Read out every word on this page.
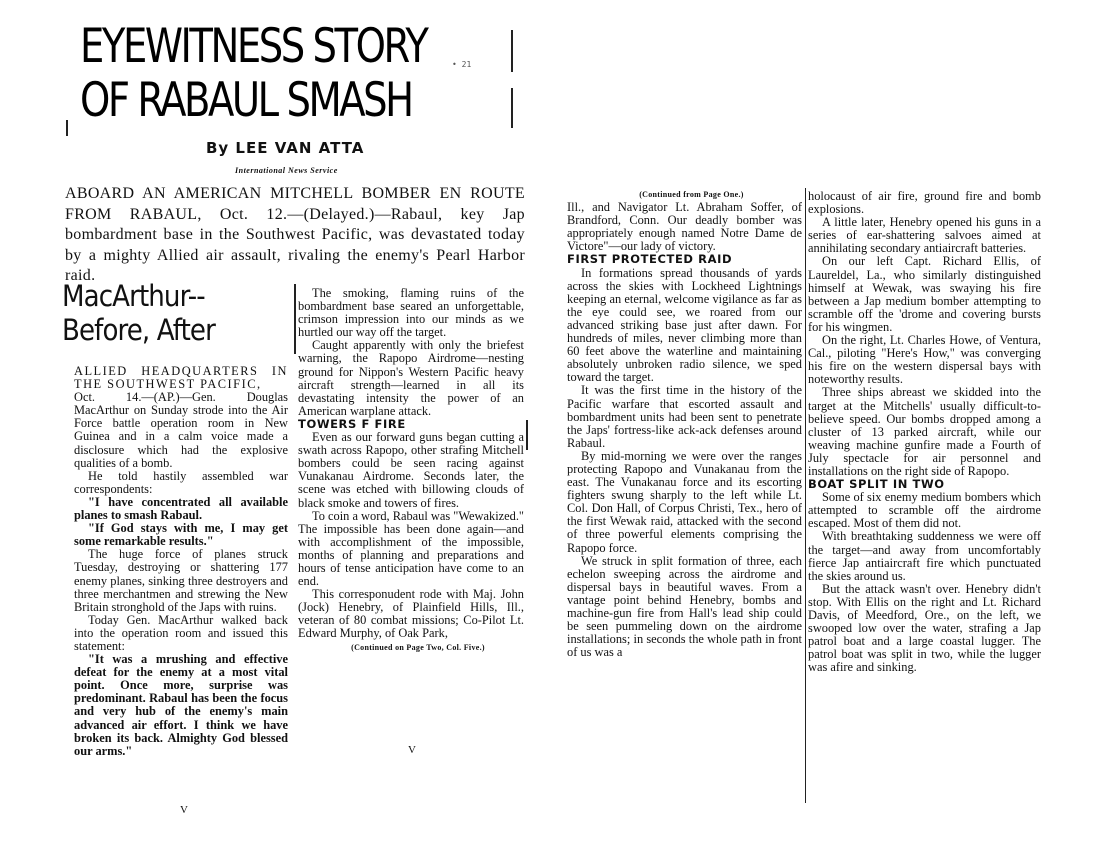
EYEWITNESS STORY
OF RABAUL SMASH
• 21
By LEE VAN ATTA
International News Service

ABOARD AN AMERICAN MITCHELL BOMBER EN ROUTE FROM RABAUL, Oct. 12.—(Delayed.)—Rabaul, key Jap bombardment base in the Southwest Pacific, was devastated today by a mighty Allied air assault, rivaling the enemy's Pearl Harbor raid.

MacArthur--
Before, After

ALLIED HEADQUARTERS IN THE SOUTHWEST PACIFIC,

Oct. 14.—(AP.)—Gen. Douglas MacArthur on Sunday strode into the Air Force battle operation room in New Guinea and in a calm voice made a disclosure which had the explosive qualities of a bomb.

He told hastily assembled war correspondents:

"I have concentrated all available planes to smash Rabaul.

"If God stays with me, I may get some remarkable results."

The huge force of planes struck Tuesday, destroying or shattering 177 enemy planes, sinking three destroyers and three merchantmen and strewing the New Britain stronghold of the Japs with ruins.

Today Gen. MacArthur walked back into the operation room and issued this statement:

"It was a mrushing and effective defeat for the enemy at a most vital point. Once more, surprise was predominant. Rabaul has been the focus and very hub of the enemy's main advanced air effort. I think we have broken its back. Almighty God blessed our arms."

V

The smoking, flaming ruins of the bombardment base seared an unforgettable, crimson impression into our minds as we hurtled our way off the target.

Caught apparently with only the briefest warning, the Rapopo Airdrome—nesting ground for Nippon's Western Pacific heavy aircraft strength—learned in all its devastating intensity the power of an American warplane attack.

TOWERS F FIRE

Even as our forward guns began cutting a swath across Rapopo, other strafing Mitchell bombers could be seen racing against Vunakanau Airdrome. Seconds later, the scene was etched with billowing clouds of black smoke and towers of fires.

To coin a word, Rabaul was "Wewakized." The impossible has been done again—and with accomplishment of the impossible, months of planning and preparations and hours of tense anticipation have come to an end.

This corresponudent rode with Maj. John (Jock) Henebry, of Plainfield Hills, Ill., veteran of 80 combat missions; Co-Pilot Lt. Edward Murphy, of Oak Park,

(Continued on Page Two, Col. Five.)

V

(Continued from Page One.)

Ill., and Navigator Lt. Abraham Soffer, of Brandford, Conn. Our deadly bomber was appropriately enough named Notre Dame de Victore"—our lady of victory.

FIRST PROTECTED RAID

In formations spread thousands of yards across the skies with Lockheed Lightnings keeping an eternal, welcome vigilance as far as the eye could see, we roared from our advanced striking base just after dawn. For hundreds of miles, never climbing more than 60 feet above the waterline and maintaining absolutely unbroken radio silence, we sped toward the target.

It was the first time in the history of the Pacific warfare that escorted assault and bombardment units had been sent to penetrate the Japs' fortress-like ack-ack defenses around Rabaul.

By mid-morning we were over the ranges protecting Rapopo and Vunakanau from the east. The Vunakanau force and its escorting fighters swung sharply to the left while Lt. Col. Don Hall, of Corpus Christi, Tex., hero of the first Wewak raid, attacked with the second of three powerful elements comprising the Rapopo force.

We struck in split formation of three, each echelon sweeping across the airdrome and dispersal bays in beautiful waves. From a vantage point behind Henebry, bombs and machine-gun fire from Hall's lead ship could be seen pummeling down on the airdrome installations; in seconds the whole path in front of us was a

holocaust of air fire, ground fire and bomb explosions.

A little later, Henebry opened his guns in a series of ear-shattering salvoes aimed at annihilating secondary antiaircraft batteries.

On our left Capt. Richard Ellis, of Laureldel, La., who similarly distinguished himself at Wewak, was swaying his fire between a Jap medium bomber attempting to scramble off the 'drome and covering bursts for his wingmen.

On the right, Lt. Charles Howe, of Ventura, Cal., piloting "Here's How," was converging his fire on the western dispersal bays with noteworthy results.

Three ships abreast we skidded into the target at the Mitchells' usually difficult-to-believe speed. Our bombs dropped among a cluster of 13 parked aircraft, while our weaving machine gunfire made a Fourth of July spectacle for air personnel and installations on the right side of Rapopo.

BOAT SPLIT IN TWO

Some of six enemy medium bombers which attempted to scramble off the airdrome escaped. Most of them did not.

With breathtaking suddenness we were off the target—and away from uncomfortably fierce Jap antiaircraft fire which punctuated the skies around us.

But the attack wasn't over. Henebry didn't stop. With Ellis on the right and Lt. Richard Davis, of Meedford, Ore., on the left, we swooped low over the water, strafing a Jap patrol boat and a large coastal lugger. The patrol boat was split in two, while the lugger was afire and sinking.
